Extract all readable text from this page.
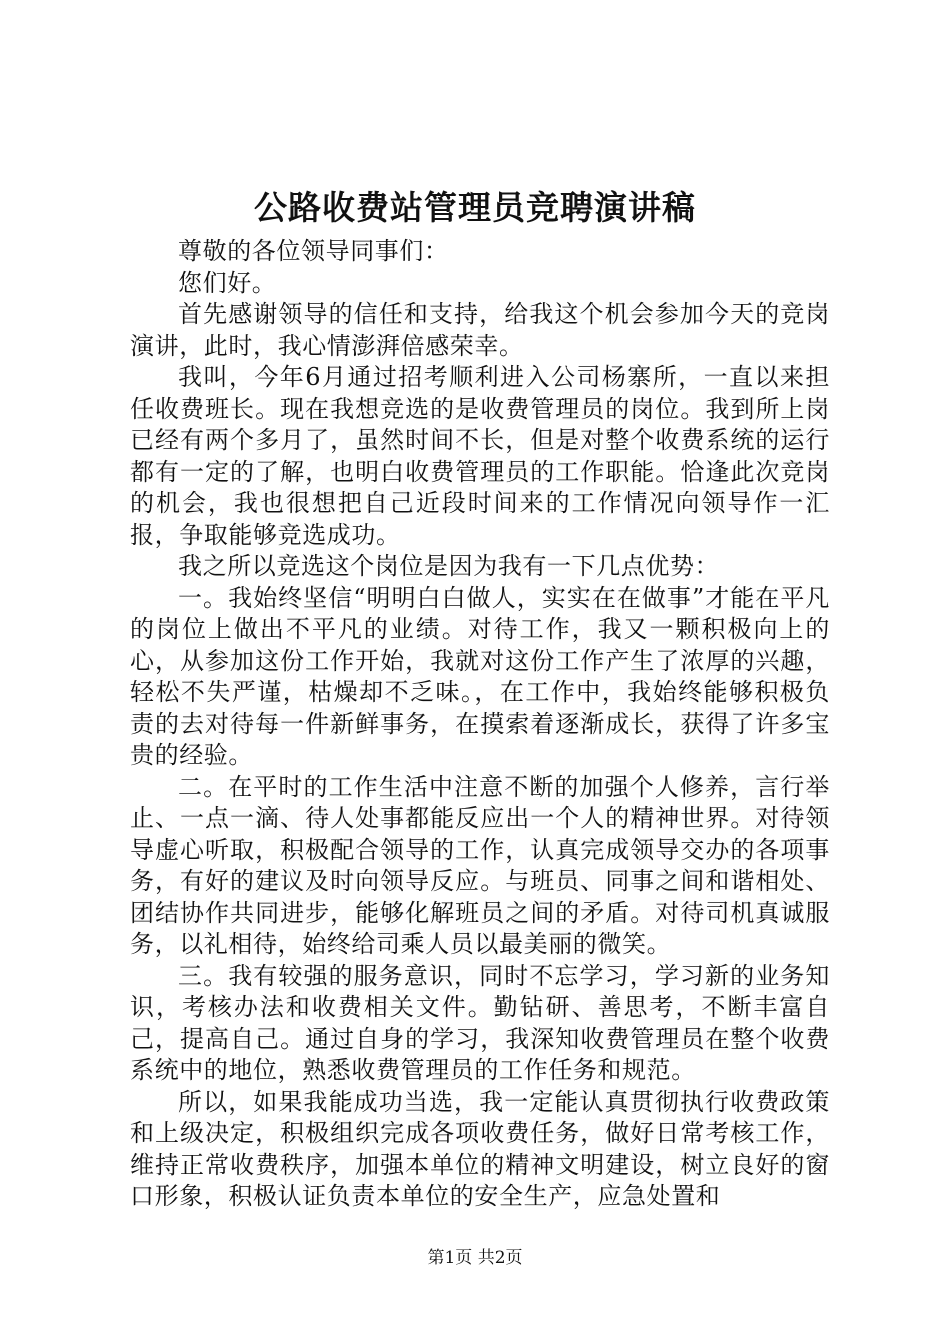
公路收费站管理员竞聘演讲稿

尊敬的各位领导同事们：

您们好。

首先感谢领导的信任和支持，给我这个机会参加今天的竞岗演讲，此时，我心情澎湃倍感荣幸。

我叫，今年6月通过招考顺利进入公司杨寨所，一直以来担任收费班长。现在我想竞选的是收费管理员的岗位。我到所上岗已经有两个多月了，虽然时间不长，但是对整个收费系统的运行都有一定的了解，也明白收费管理员的工作职能。恰逢此次竞岗的机会，我也很想把自己近段时间来的工作情况向领导作一汇报，争取能够竞选成功。

我之所以竞选这个岗位是因为我有一下几点优势：

一。我始终坚信“明明白白做人，实实在在做事”才能在平凡的岗位上做出不平凡的业绩。对待工作，我又一颗积极向上的心，从参加这份工作开始，我就对这份工作产生了浓厚的兴趣，轻松不失严谨，枯燥却不乏味。，在工作中，我始终能够积极负责的去对待每一件新鲜事务，在摸索着逐渐成长，获得了许多宝贵的经验。

二。在平时的工作生活中注意不断的加强个人修养，言行举止、一点一滴、待人处事都能反应出一个人的精神世界。对待领导虚心听取，积极配合领导的工作，认真完成领导交办的各项事务，有好的建议及时向领导反应。与班员、同事之间和谐相处、团结协作共同进步，能够化解班员之间的矛盾。对待司机真诚服务，以礼相待，始终给司乘人员以最美丽的微笑。

三。我有较强的服务意识，同时不忘学习，学习新的业务知识，考核办法和收费相关文件。勤钻研、善思考，不断丰富自己，提高自己。通过自身的学习，我深知收费管理员在整个收费系统中的地位，熟悉收费管理员的工作任务和规范。

所以，如果我能成功当选，我一定能认真贯彻执行收费政策和上级决定，积极组织完成各项收费任务，做好日常考核工作，维持正常收费秩序，加强本单位的精神文明建设，树立良好的窗口形象，积极认证负责本单位的安全生产，应急处置和

第1页 共2页
